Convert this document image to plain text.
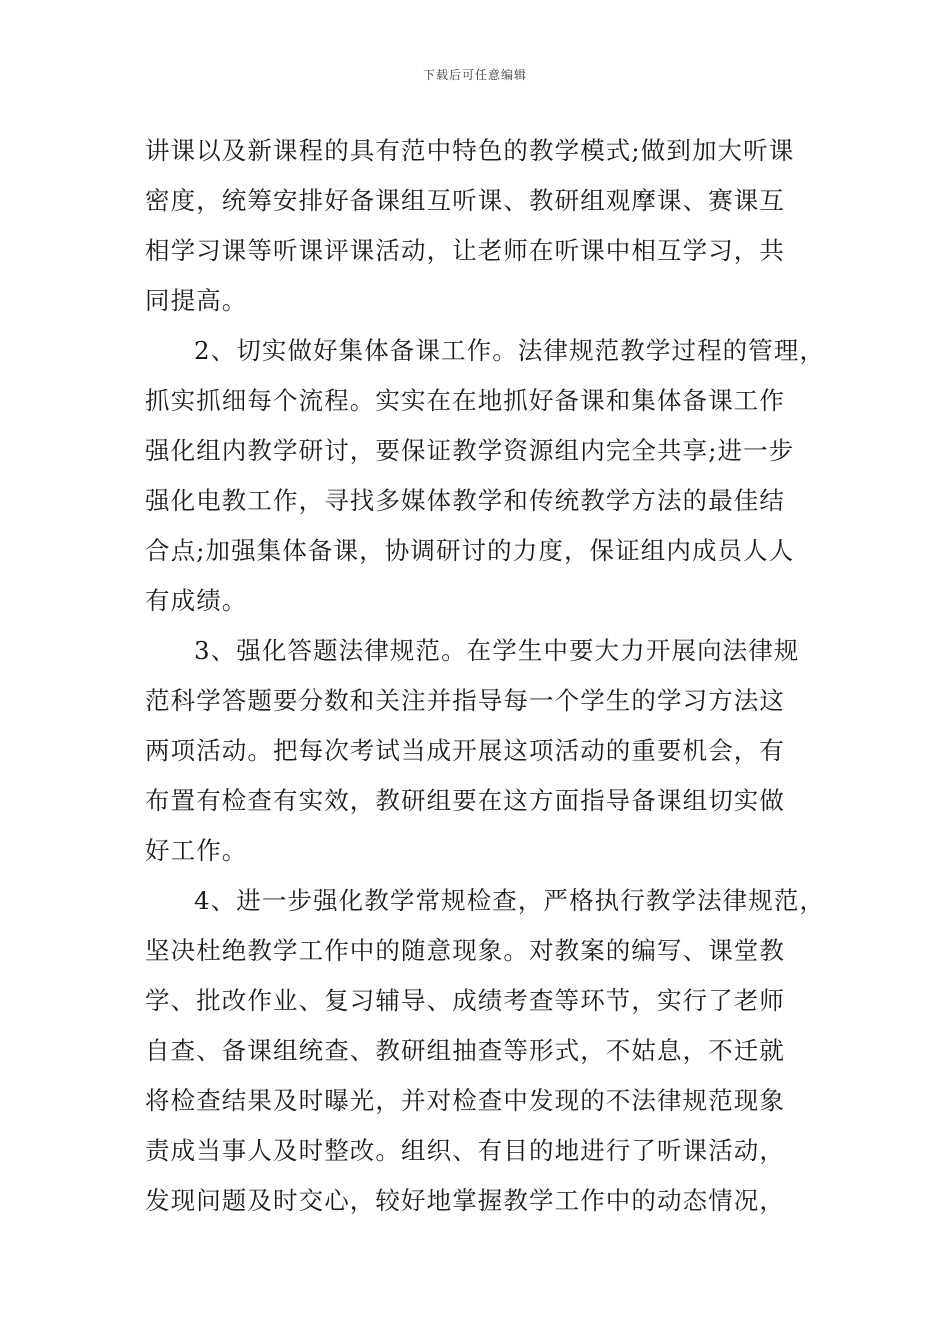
下载后可任意编辑
讲课以及新课程的具有范中特色的教学模式;做到加大听课
密度，统筹安排好备课组互听课、教研组观摩课、赛课互
相学习课等听课评课活动，让老师在听课中相互学习，共
同提高。
2、切实做好集体备课工作。法律规范教学过程的管理，
抓实抓细每个流程。实实在在地抓好备课和集体备课工作
强化组内教学研讨，要保证教学资源组内完全共享;进一步
强化电教工作，寻找多媒体教学和传统教学方法的最佳结
合点;加强集体备课，协调研讨的力度，保证组内成员人人
有成绩。
3、强化答题法律规范。在学生中要大力开展向法律规
范科学答题要分数和关注并指导每一个学生的学习方法这
两项活动。把每次考试当成开展这项活动的重要机会，有
布置有检查有实效，教研组要在这方面指导备课组切实做
好工作。
4、进一步强化教学常规检查，严格执行教学法律规范，
坚决杜绝教学工作中的随意现象。对教案的编写、课堂教
学、批改作业、复习辅导、成绩考查等环节，实行了老师
自查、备课组统查、教研组抽查等形式，不姑息，不迁就
将检查结果及时曝光，并对检查中发现的不法律规范现象
责成当事人及时整改。组织、有目的地进行了听课活动，
发现问题及时交心，较好地掌握教学工作中的动态情况，
